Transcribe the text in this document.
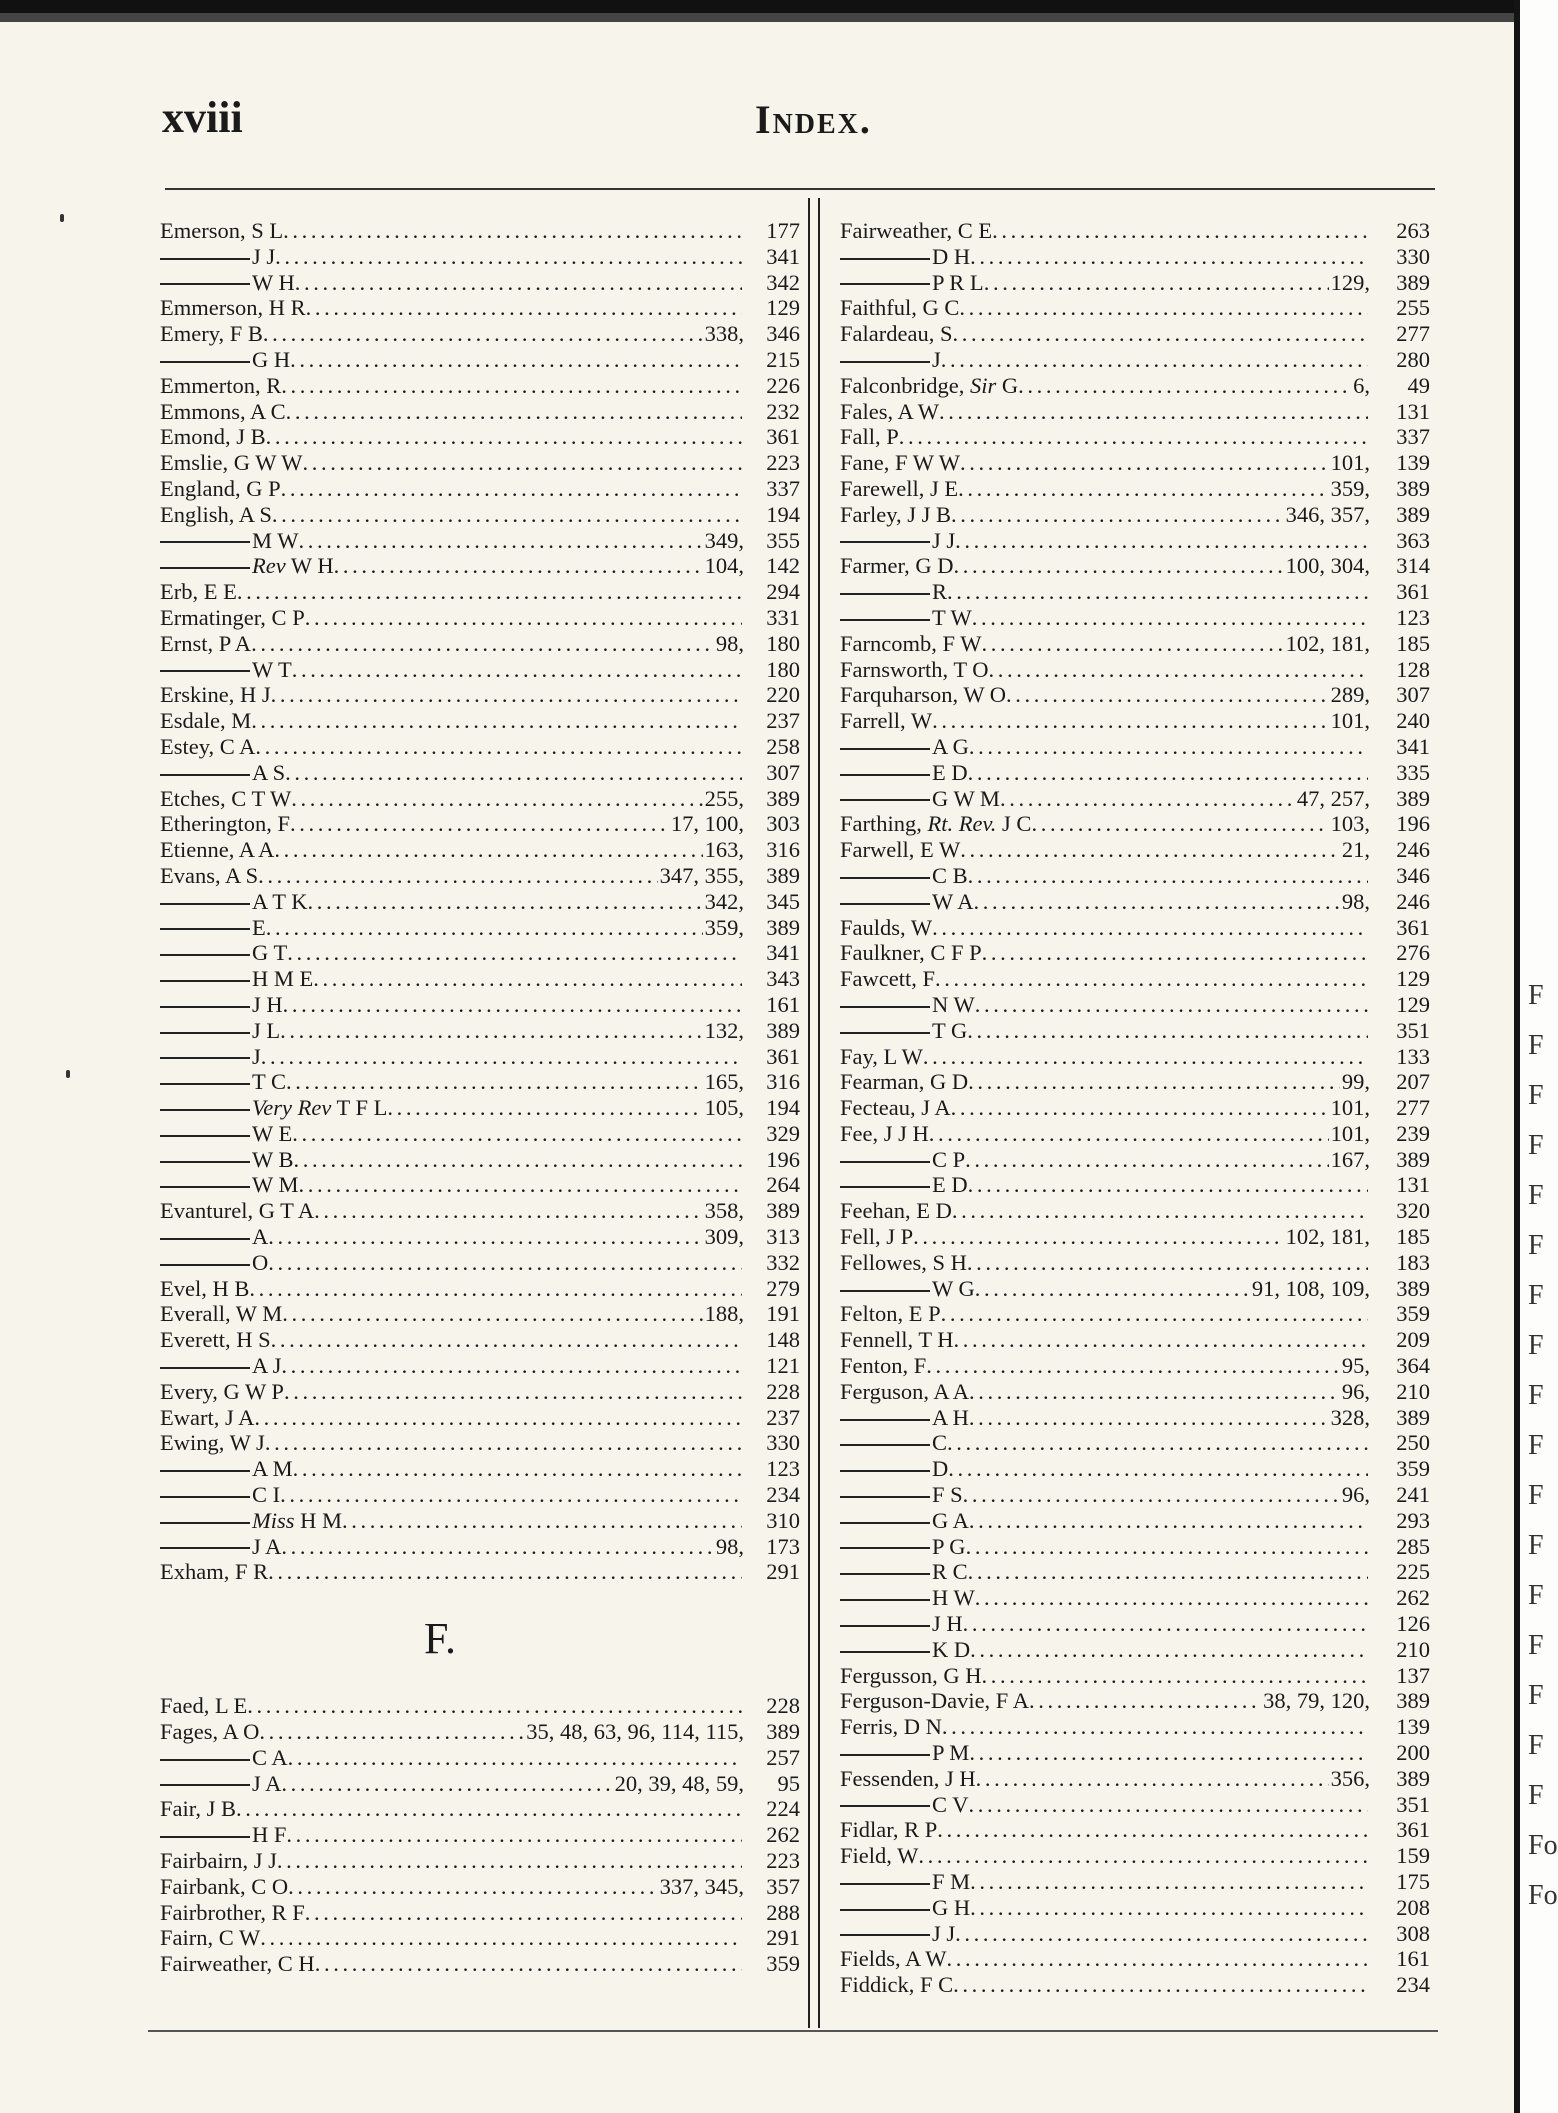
F
F
F
F
F
F
F
F
F
F
F
F
F
F
F
F
F
Fo
Fo
xviii	Index.
Emerson, S L . . .	177
J J . . .	341
W H . . .	342
Emmerson, H R . . .	129
Emery, F B . . .	338, 346
G H . . .	215
Emmerton, R . . .	226
Emmons, A C . . .	232
Emond, J B . . .	361
Emslie, G W W . . .	223
England, G P . . .	337
English, A S . . .	194
M W . . .	349, 355
Rev W H . . .	104, 142
Erb, E E . . .	294
Ermatinger, C P . . .	331
Ernst, P A . . .	98, 180
W T . . .	180
Erskine, H J . . .	220
Esdale, M . . .	237
Estey, C A . . .	258
A S . . .	307
Etches, C T W . . .	255, 389
Etherington, F . . .	17, 100, 303
Etienne, A A . . .	163, 316
Evans, A S . . .	347, 355, 389
A T K . . .	342, 345
E . . .	359, 389
G T . . .	341
H M E . . .	343
J H . . .	161
J L . . .	132, 389
J . . .	361
T C . . .	165, 316
Very Rev T F L . . .	105, 194
W E . . .	329
W B . . .	196
W M . . .	264
Evanturel, G T A . . .	358, 389
A . . .	309, 313
O . . .	332
Evel, H B . . .	279
Everall, W M . . .	188, 191
Everett, H S . . .	148
A J . . .	121
Every, G W P . . .	228
Ewart, J A . . .	237
Ewing, W J . . .	330
A M . . .	123
C I . . .	234
Miss H M . . .	310
J A . . .	98, 173
Exham, F R . . .	291
F.
Faed, L E . . .	228
Fages, A O . . .	35, 48, 63, 96, 114, 115, 389
C A . . .	257
J A . . .	20, 39, 48, 59,	95
Fair, J B . . .	224
H F . . .	262
Fairbairn, J J . . .	223
Fairbank, C O . . .	337, 345, 357
Fairbrother, R F . . .	288
Fairn, C W . . .	291
Fairweather, C H . . .	359
Fairweather, C E . . .	263
D H . . .	330
P R L . . .	129,	389
Faithful, G C . . .	255
Falardeau, S . . .	277
J . . .	280
Falconbridge, Sir G . . .	6,	49
Fales, A W . . .	131
Fall, P . . .	337
Fane, F W W . . .	101,	139
Farewell, J E . . .	359,	389
Farley, J J B . . .	346, 357,	389
J J . . .	363
Farmer, G D . . .	100, 304,	314
R . . .	361
T W . . .	123
Farncomb, F W . . .	102, 181,	185
Farnsworth, T O . . .	128
Farquharson, W O . . .	289,	307
Farrell, W . . .	101,	240
A G . . .	341
E D . . .	335
G W M . . .	47, 257,	389
Farthing, Rt. Rev. J C . . .	103,	196
Farwell, E W . . .	21,	246
C B . . .	346
W A . . .	98,	246
Faulds, W . . .	361
Faulkner, C F P . . .	276
Fawcett, F . . .	129
N W . . .	129
T G . . .	351
Fay, L W . . .	133
Fearman, G D . . .	99,	207
Fecteau, J A . . .	101,	277
Fee, J J H . . .	101,	239
C P . . .	167,	389
E D . . .	131
Feehan, E D . . .	320
Fell, J P . . .	102, 181,	185
Fellowes, S H . . .	183
W G . . .	91, 108, 109,	389
Felton, E P . . .	359
Fennell, T H . . .	209
Fenton, F . . .	95,	364
Ferguson, A A . . .	96,	210
A H . . .	328,	389
C . . .	250
D . . .	359
F S . . .	96,	241
G A . . .	293
P G . . .	285
R C . . .	225
H W . . .	262
J H . . .	126
K D . . .	210
Fergusson, G H . . .	137
Ferguson-Davie, F A . . .	38, 79, 120,	389
Ferris, D N . . .	139
P M . . .	200
Fessenden, J H . . .	356,	389
C V . . .	351
Fidlar, R P . . .	361
Field, W . . .	159
F M . . .	175
G H . . .	208
J J . . .	308
Fields, A W . . .	161
Fiddick, F C . . .	234
